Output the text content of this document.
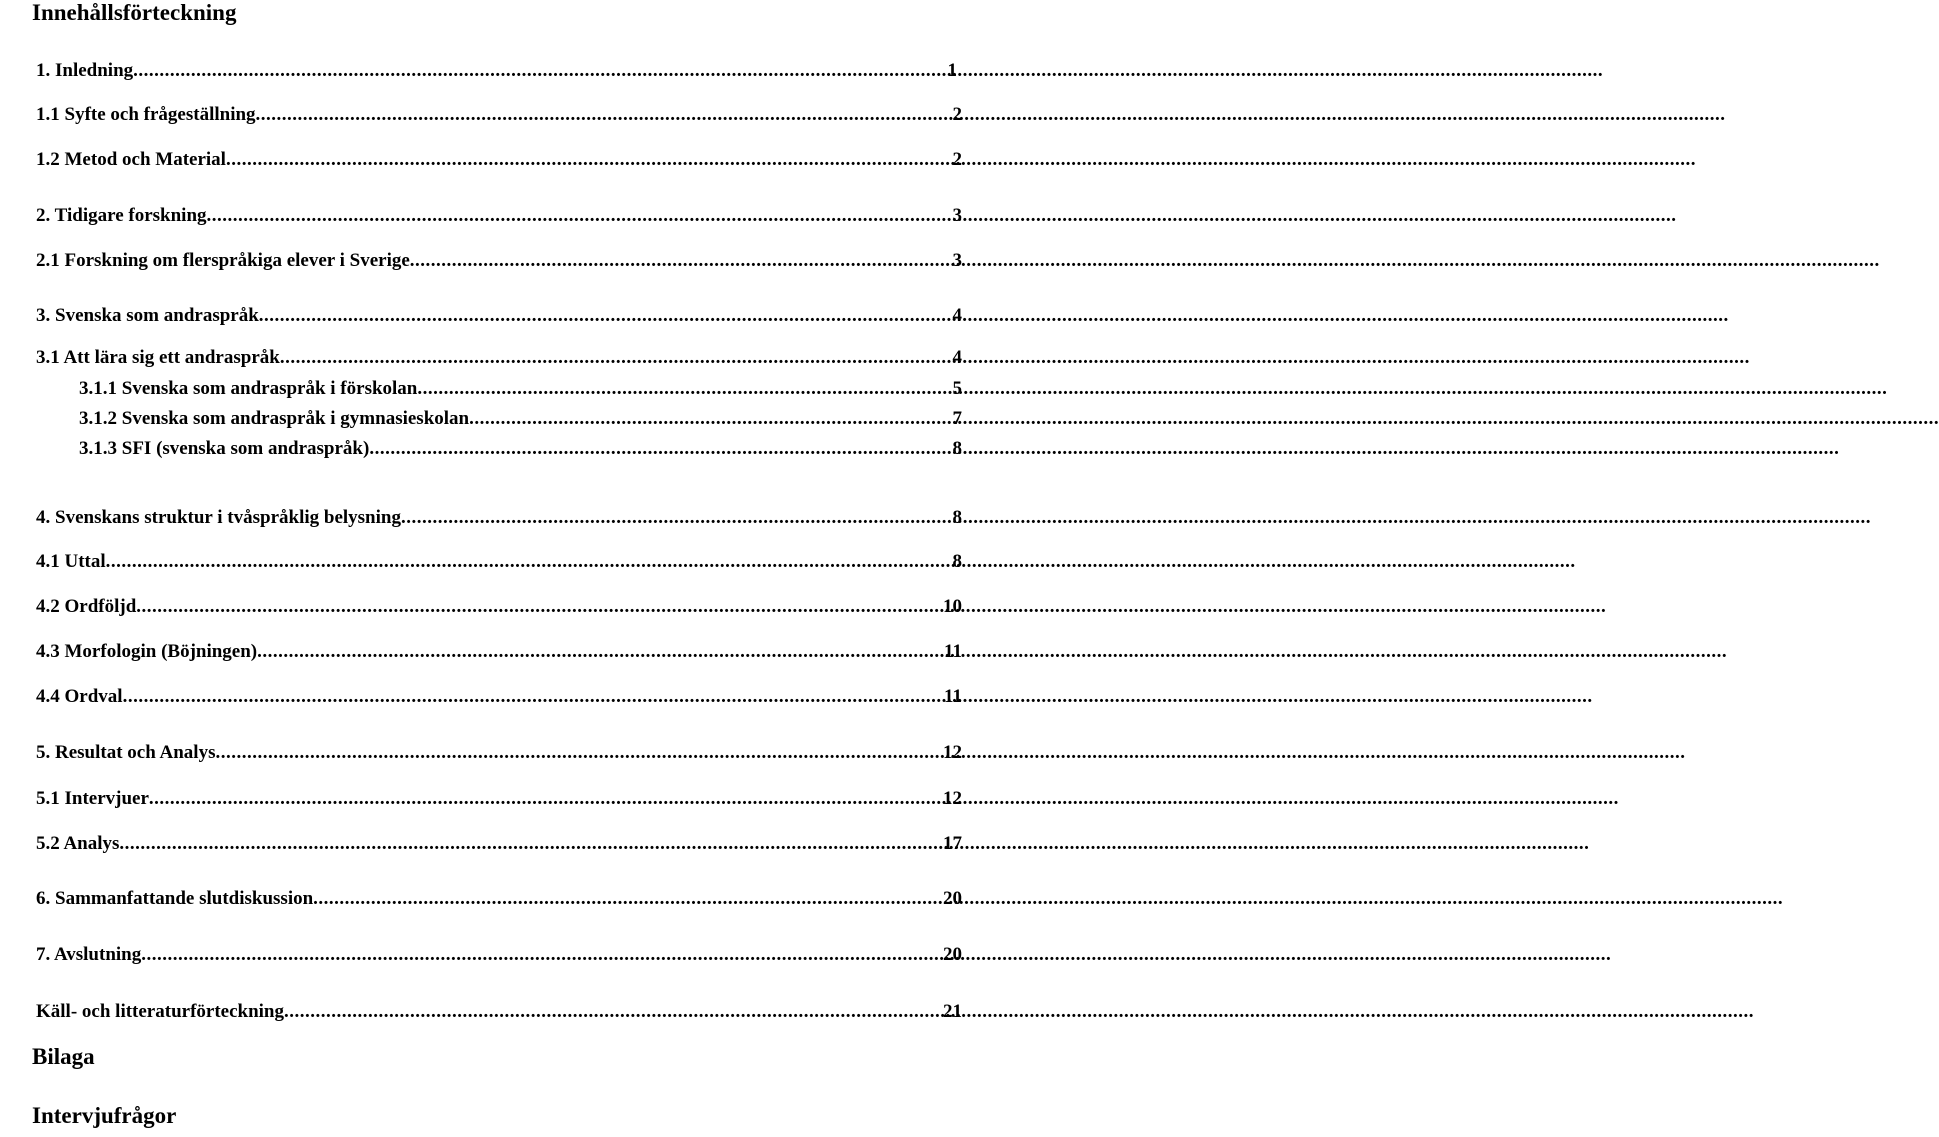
Innehållsförteckning
1. Inledning .....	1
1.1 Syfte och frågeställning .....	2
1.2 Metod och Material .....	2
2. Tidigare forskning .....	3
2.1 Forskning om flerspråkiga elever i Sverige .....	3
3. Svenska som andraspråk .....	4
3.1 Att lära sig ett andraspråk .....	4
3.1.1 Svenska som andraspråk i förskolan .....	5
3.1.2 Svenska som andraspråk i gymnasieskolan .....	7
3.1.3 SFI (svenska som andraspråk) .....	8
4. Svenskans struktur i tvåspråklig belysning .....	8
4.1 Uttal .....	8
4.2 Ordföljd .....	10
4.3 Morfologin (Böjningen) .....	11
4.4 Ordval .....	11
5. Resultat och Analys .....	12
5.1 Intervjuer .....	12
5.2 Analys .....	17
6. Sammanfattande slutdiskussion .....	20
7. Avslutning .....	20
Käll- och litteraturförteckning .....	21
Bilaga
Intervjufrågor
